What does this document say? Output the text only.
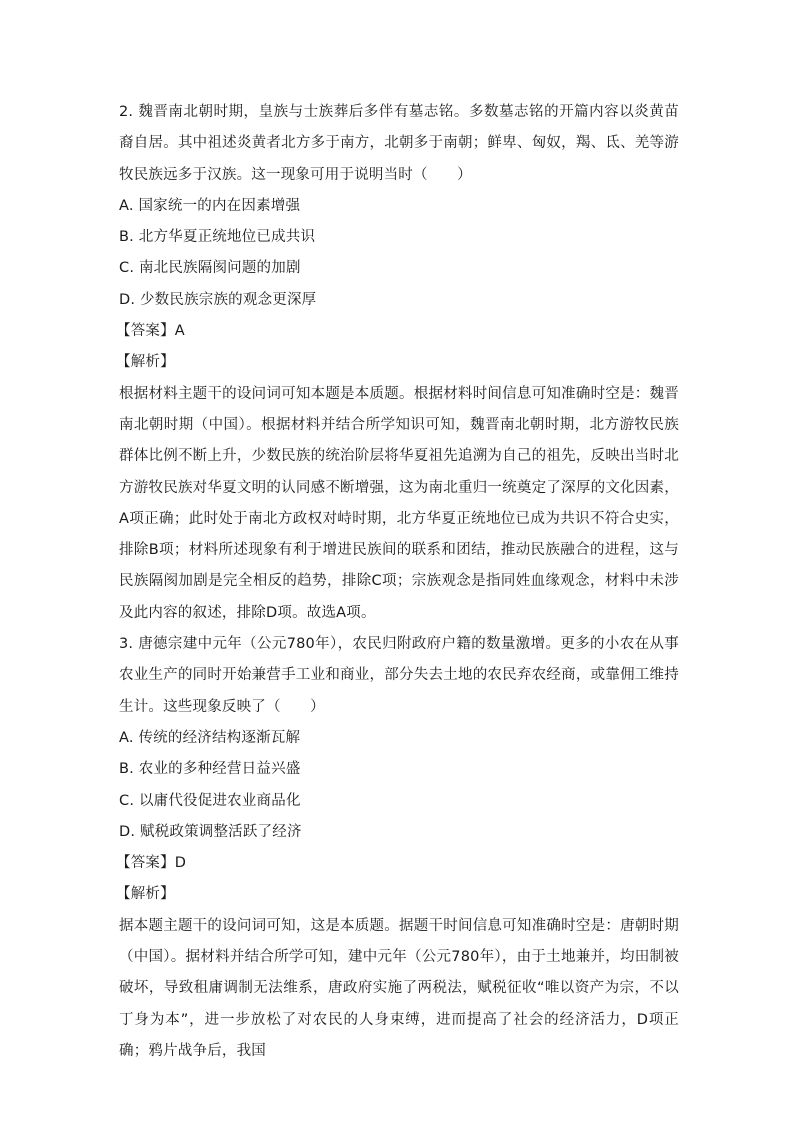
2. 魏晋南北朝时期，皇族与士族葬后多伴有墓志铭。多数墓志铭的开篇内容以炎黄苗裔自居。其中祖述炎黄者北方多于南方，北朝多于南朝；鲜卑、匈奴，羯、氐、羌等游牧民族远多于汉族。这一现象可用于说明当时（　　）

A. 国家统一的内在因素增强

B. 北方华夏正统地位已成共识

C. 南北民族隔阂问题的加剧

D. 少数民族宗族的观念更深厚

【答案】A

【解析】

根据材料主题干的设问词可知本题是本质题。根据材料时间信息可知准确时空是：魏晋南北朝时期（中国）。根据材料并结合所学知识可知，魏晋南北朝时期，北方游牧民族群体比例不断上升，少数民族的统治阶层将华夏祖先追溯为自己的祖先，反映出当时北方游牧民族对华夏文明的认同感不断增强，这为南北重归一统奠定了深厚的文化因素，A项正确；此时处于南北方政权对峙时期，北方华夏正统地位已成为共识不符合史实，排除B项；材料所述现象有利于增进民族间的联系和团结，推动民族融合的进程，这与民族隔阂加剧是完全相反的趋势，排除C项；宗族观念是指同姓血缘观念，材料中未涉及此内容的叙述，排除D项。故选A项。

3. 唐德宗建中元年（公元780年），农民归附政府户籍的数量激增。更多的小农在从事农业生产的同时开始兼营手工业和商业，部分失去土地的农民弃农经商，或靠佣工维持生计。这些现象反映了（　　）

A. 传统的经济结构逐渐瓦解

B. 农业的多种经营日益兴盛

C. 以庸代役促进农业商品化

D. 赋税政策调整活跃了经济

【答案】D

【解析】

据本题主题干的设问词可知，这是本质题。据题干时间信息可知准确时空是：唐朝时期（中国）。据材料并结合所学可知，建中元年（公元780年），由于土地兼并，均田制被破坏，导致租庸调制无法维系，唐政府实施了两税法，赋税征收“唯以资产为宗，不以丁身为本”，进一步放松了对农民的人身束缚，进而提高了社会的经济活力，D项正确；鸦片战争后，我国
